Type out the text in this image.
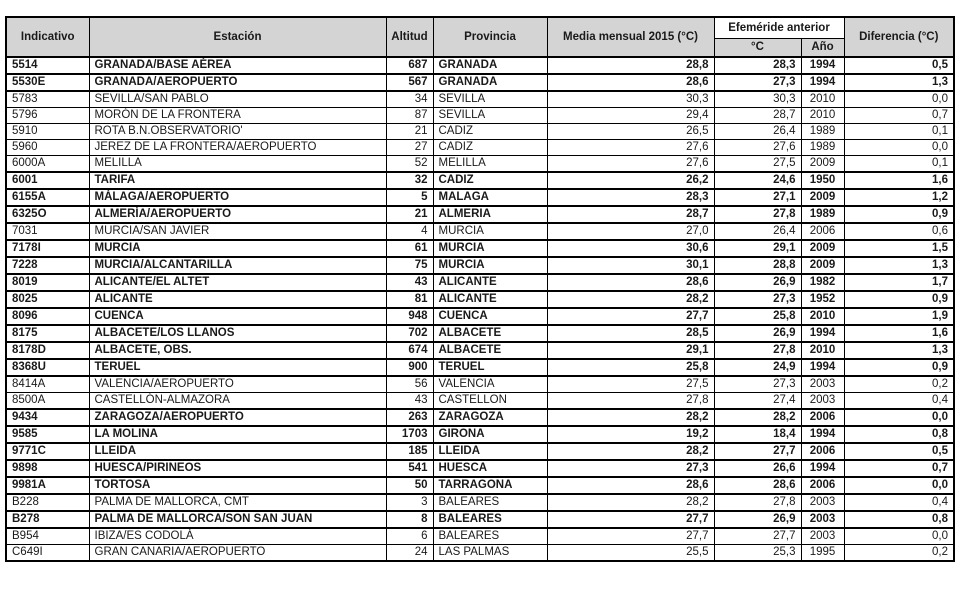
Indicativo	Estación	Altitud	Provincia	Media mensual 2015 (°C)	Efeméride anterior		Diferencia (°C)
					°C	Año	
5514	GRANADA/BASE AÉREA	687	GRANADA	28,8	28,3	1994	0,5
5530E	GRANADA/AEROPUERTO	567	GRANADA	28,6	27,3	1994	1,3
5783	SEVILLA/SAN PABLO	34	SEVILLA	30,3	30,3	2010	0,0
5796	MORÓN DE LA FRONTERA	87	SEVILLA	29,4	28,7	2010	0,7
5910	ROTA B.N.OBSERVATORIO'	21	CADIZ	26,5	26,4	1989	0,1
5960	JEREZ DE LA FRONTERA/AEROPUERTO	27	CADIZ	27,6	27,6	1989	0,0
6000A	MELILLA	52	MELILLA	27,6	27,5	2009	0,1
6001	TARIFA	32	CADIZ	26,2	24,6	1950	1,6
6155A	MÁLAGA/AEROPUERTO	5	MALAGA	28,3	27,1	2009	1,2
6325O	ALMERÍA/AEROPUERTO	21	ALMERIA	28,7	27,8	1989	0,9
7031	MURCIA/SAN JAVIER	4	MURCIA	27,0	26,4	2006	0,6
7178I	MURCIA	61	MURCIA	30,6	29,1	2009	1,5
7228	MURCIA/ALCANTARILLA	75	MURCIA	30,1	28,8	2009	1,3
8019	ALICANTE/EL ALTET	43	ALICANTE	28,6	26,9	1982	1,7
8025	ALICANTE	81	ALICANTE	28,2	27,3	1952	0,9
8096	CUENCA	948	CUENCA	27,7	25,8	2010	1,9
8175	ALBACETE/LOS LLANOS	702	ALBACETE	28,5	26,9	1994	1,6
8178D	ALBACETE, OBS.	674	ALBACETE	29,1	27,8	2010	1,3
8368U	TERUEL	900	TERUEL	25,8	24,9	1994	0,9
8414A	VALENCIA/AEROPUERTO	56	VALENCIA	27,5	27,3	2003	0,2
8500A	CASTELLÓN-ALMAZORA	43	CASTELLON	27,8	27,4	2003	0,4
9434	ZARAGOZA/AEROPUERTO	263	ZARAGOZA	28,2	28,2	2006	0,0
9585	LA MOLINA	1703	GIRONA	19,2	18,4	1994	0,8
9771C	LLEIDA	185	LLEIDA	28,2	27,7	2006	0,5
9898	HUESCA/PIRINEOS	541	HUESCA	27,3	26,6	1994	0,7
9981A	TORTOSA	50	TARRAGONA	28,6	28,6	2006	0,0
B228	PALMA DE MALLORCA, CMT	3	BALEARES	28,2	27,8	2003	0,4
B278	PALMA DE MALLORCA/SON SAN JUAN	8	BALEARES	27,7	26,9	2003	0,8
B954	IBIZA/ES CODOLÁ	6	BALEARES	27,7	27,7	2003	0,0
C649I	GRAN CANARIA/AEROPUERTO	24	LAS PALMAS	25,5	25,3	1995	0,2
